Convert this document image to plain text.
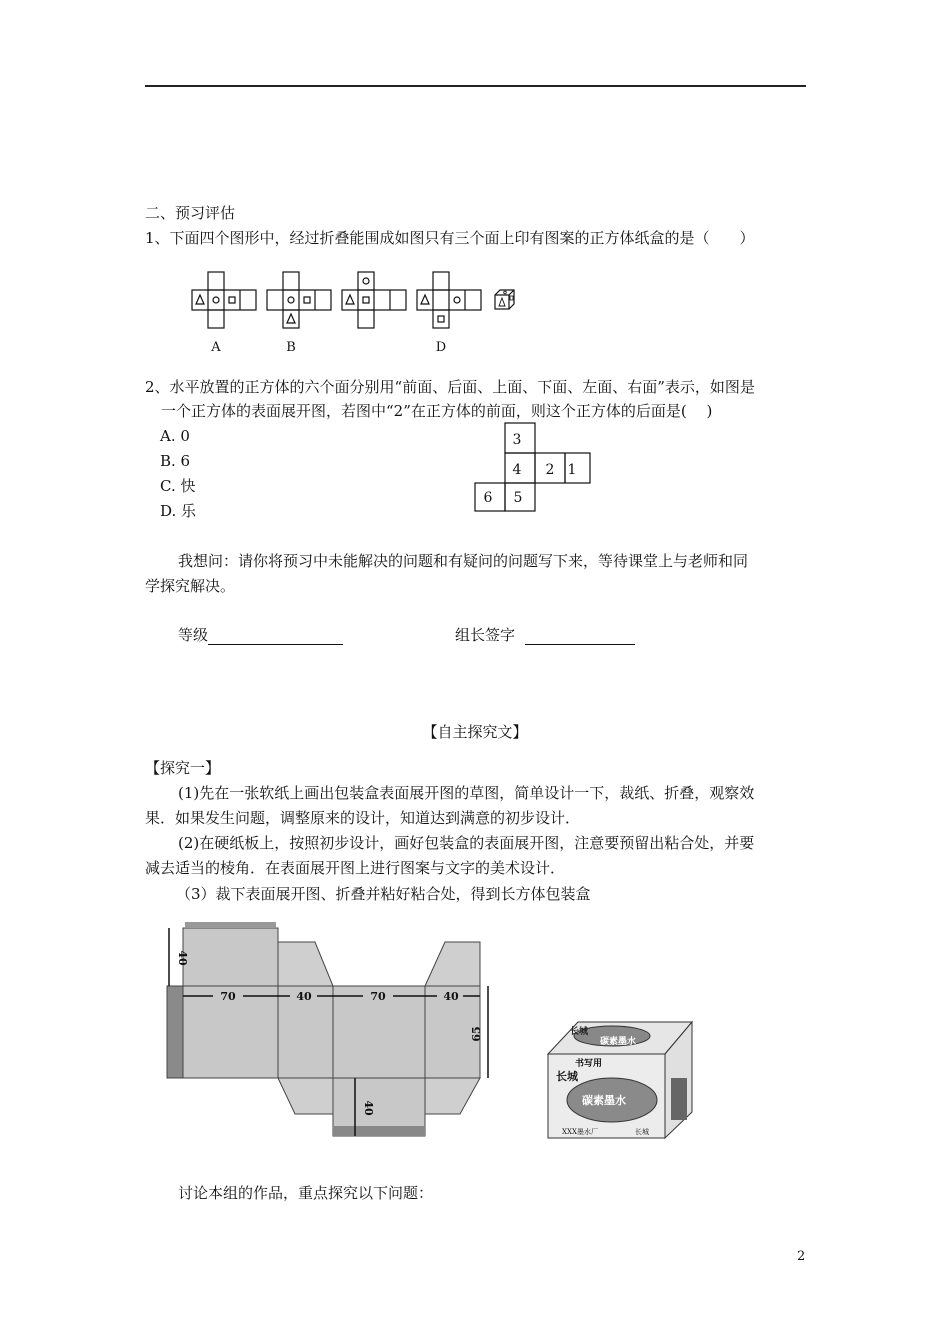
二、预习评估
1、下面四个图形中，经过折叠能围成如图只有三个面上印有图案的正方体纸盒的是（　　）
A	B	D
2、水平放置的正方体的六个面分别用“前面、后面、上面、下面、左面、右面”表示，如图是
一个正方体的表面展开图，若图中“2”在正方体的前面，则这个正方体的后面是(　 )
A. 0
B. 6
C. 快
D. 乐
3
4 2 1
6 5
我想问：请你将预习中未能解决的问题和有疑问的问题写下来，等待课堂上与老师和同
学探究解决。
等级	组长签字
【自主探究文】
【探究一】
(1)先在一张软纸上画出包装盒表面展开图的草图，简单设计一下，裁纸、折叠，观察效
果．如果发生问题，调整原来的设计，知道达到满意的初步设计．
(2)在硬纸板上，按照初步设计，画好包装盒的表面展开图，注意要预留出粘合处，并要
减去适当的棱角．在表面展开图上进行图案与文字的美术设计．
（3）裁下表面展开图、折叠并粘好粘合处，得到长方体包装盒
70	40	70	40
40
65
40
长城
碳素墨水
书写用
长城
碳素墨水
XXX墨水厂	长城
讨论本组的作品，重点探究以下问题：
2
